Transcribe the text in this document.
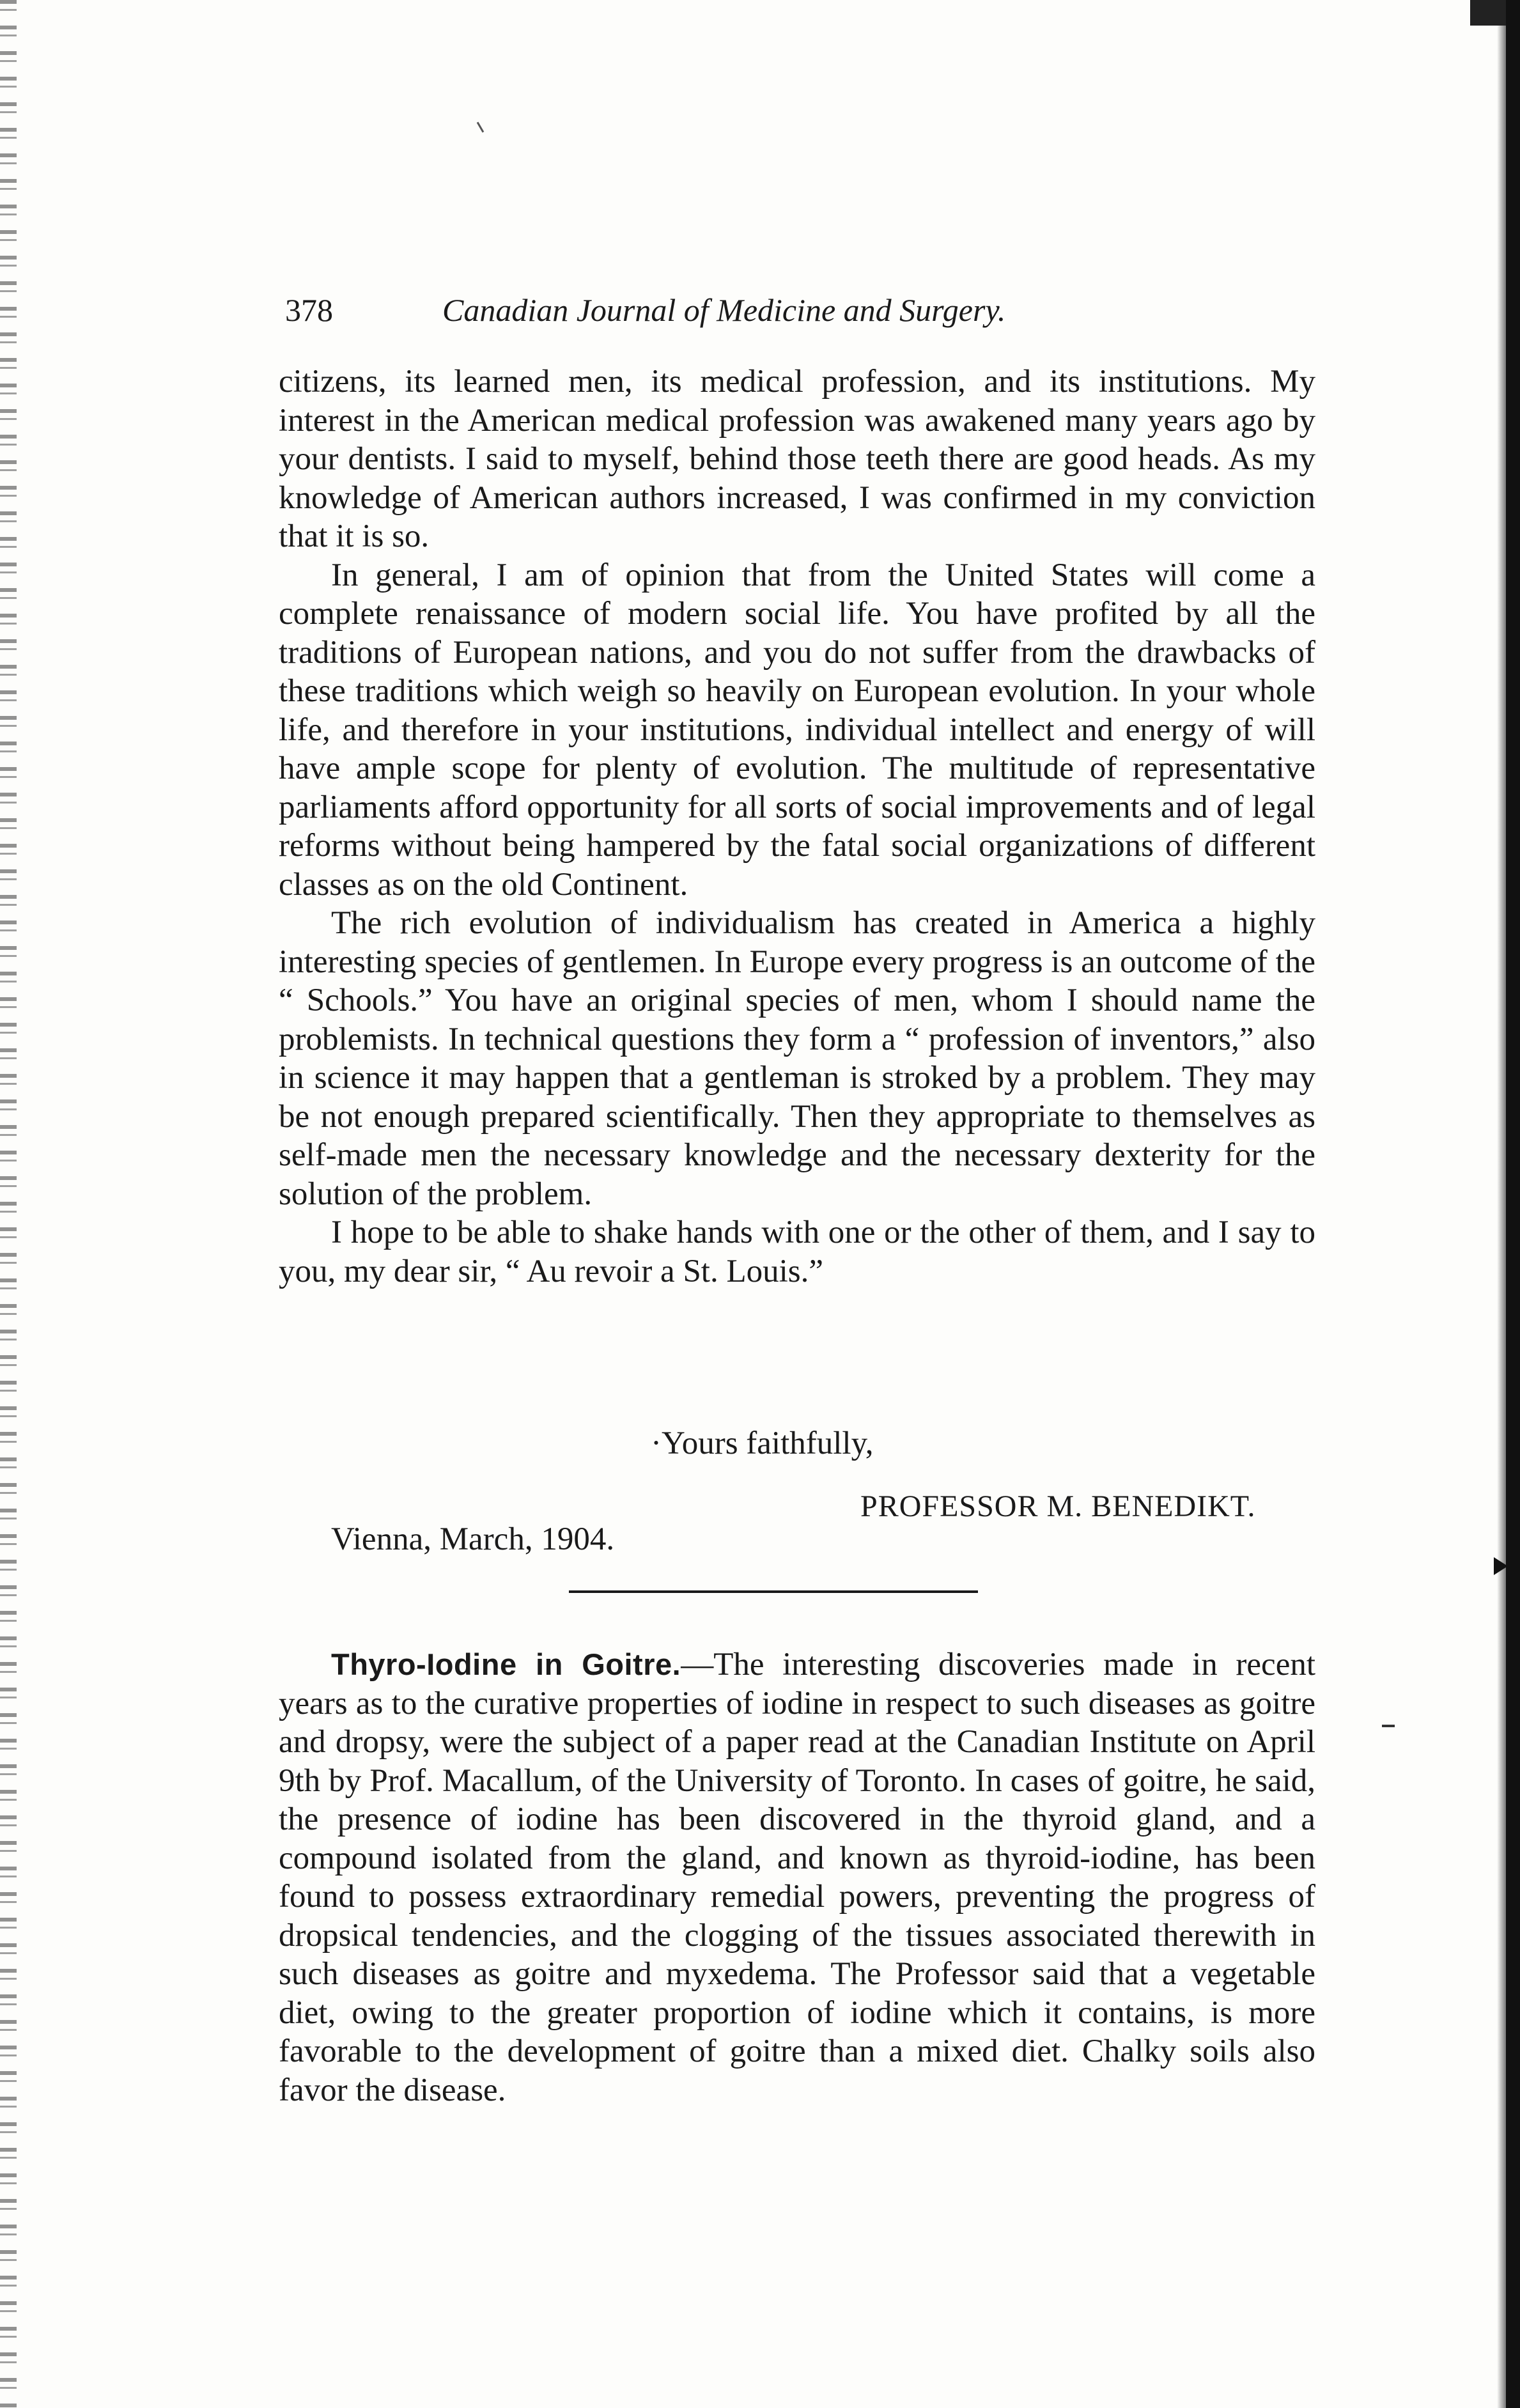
378	Canadian Journal of Medicine and Surgery.

citizens, its learned men, its medical profession, and its institutions. My interest in the American medical profession was awakened many years ago by your dentists. I said to myself, behind those teeth there are good heads. As my knowledge of American authors increased, I was confirmed in my conviction that it is so.

In general, I am of opinion that from the United States will come a complete renaissance of modern social life. You have profited by all the traditions of European nations, and you do not suffer from the drawbacks of these traditions which weigh so heavily on European evolution. In your whole life, and therefore in your institutions, individual intellect and energy of will have ample scope for plenty of evolution. The multitude of representative parliaments afford opportunity for all sorts of social improvements and of legal reforms without being hampered by the fatal social organizations of different classes as on the old Continent.

The rich evolution of individualism has created in America a highly interesting species of gentlemen. In Europe every progress is an outcome of the “ Schools.” You have an original species of men, whom I should name the problemists. In technical questions they form a “ profession of inventors,” also in science it may happen that a gentleman is stroked by a problem. They may be not enough prepared scientifically. Then they appropriate to themselves as self-made men the necessary knowledge and the necessary dexterity for the solution of the problem.

I hope to be able to shake hands with one or the other of them, and I say to you, my dear sir, “ Au revoir a St. Louis.”

·Yours faithfully,
PROFESSOR M. BENEDIKT.
Vienna, March, 1904.

Thyro-Iodine in Goitre.—The interesting discoveries made in recent years as to the curative properties of iodine in respect to such diseases as goitre and dropsy, were the subject of a paper read at the Canadian Institute on April 9th by Prof. Macallum, of the University of Toronto. In cases of goitre, he said, the presence of iodine has been discovered in the thyroid gland, and a compound isolated from the gland, and known as thyroid-iodine, has been found to possess extraordinary remedial powers, preventing the progress of dropsical tendencies, and the clogging of the tissues associated therewith in such diseases as goitre and myxedema. The Professor said that a vegetable diet, owing to the greater proportion of iodine which it contains, is more favorable to the development of goitre than a mixed diet. Chalky soils also favor the disease.
